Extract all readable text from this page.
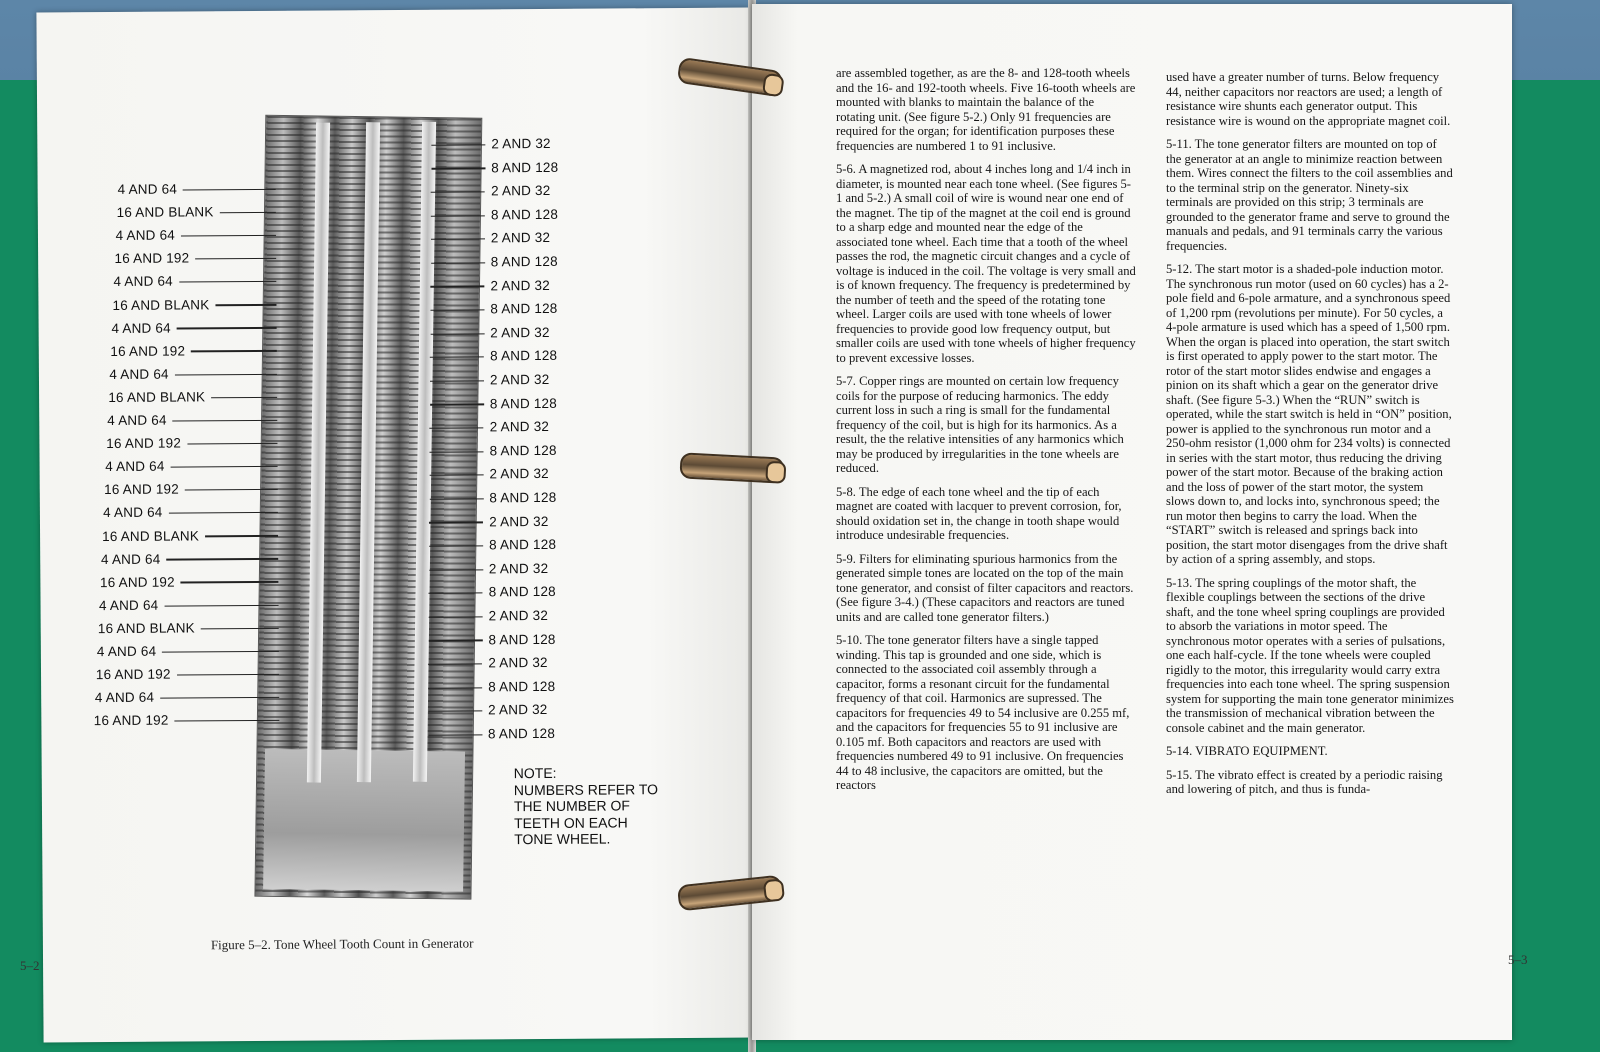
4 AND 64
16 AND BLANK
4 AND 64
16 AND 192
4 AND 64
16 AND BLANK
4 AND 64
16 AND 192
4 AND 64
16 AND BLANK
4 AND 64
16 AND 192
4 AND 64
16 AND 192
4 AND 64
16 AND BLANK
4 AND 64
16 AND 192
4 AND 64
16 AND BLANK
4 AND 64
16 AND 192
4 AND 64
16 AND 192
2 AND 32
8 AND 128
2 AND 32
8 AND 128
2 AND 32
8 AND 128
2 AND 32
8 AND 128
2 AND 32
8 AND 128
2 AND 32
8 AND 128
2 AND 32
8 AND 128
2 AND 32
8 AND 128
2 AND 32
8 AND 128
2 AND 32
8 AND 128
2 AND 32
8 AND 128
2 AND 32
8 AND 128
2 AND 32
8 AND 128
NOTE:
NUMBERS REFER TO
THE NUMBER OF
TEETH ON EACH
TONE WHEEL.
Figure 5–2. Tone Wheel Tooth Count in Generator
5–2

are assembled together, as are the 8- and 128-tooth wheels and the 16- and 192-tooth wheels. Five 16-tooth wheels are mounted with blanks to maintain the balance of the rotating unit. (See figure 5-2.) Only 91 frequencies are required for the organ; for identification purposes these frequencies are numbered 1 to 91 inclusive.

5-6. A magnetized rod, about 4 inches long and 1/4 inch in diameter, is mounted near each tone wheel. (See figures 5-1 and 5-2.) A small coil of wire is wound near one end of the magnet. The tip of the magnet at the coil end is ground to a sharp edge and mounted near the edge of the associated tone wheel. Each time that a tooth of the wheel passes the rod, the magnetic circuit changes and a cycle of voltage is induced in the coil. The voltage is very small and is of known frequency. The frequency is predetermined by the number of teeth and the speed of the rotating tone wheel. Larger coils are used with tone wheels of lower frequencies to provide good low frequency output, but smaller coils are used with tone wheels of higher frequency to prevent excessive losses.

5-7. Copper rings are mounted on certain low frequency coils for the purpose of reducing harmonics. The eddy current loss in such a ring is small for the fundamental frequency of the coil, but is high for its harmonics. As a result, the the relative intensities of any harmonics which may be produced by irregularities in the tone wheels are reduced.

5-8. The edge of each tone wheel and the tip of each magnet are coated with lacquer to prevent corrosion, for, should oxidation set in, the change in tooth shape would introduce undesirable frequencies.

5-9. Filters for eliminating spurious harmonics from the generated simple tones are located on the top of the main tone generator, and consist of filter capacitors and reactors. (See figure 3-4.) (These capacitors and reactors are tuned units and are called tone generator filters.)

5-10. The tone generator filters have a single tapped winding. This tap is grounded and one side, which is connected to the associated coil assembly through a capacitor, forms a resonant circuit for the fundamental frequency of that coil. Harmonics are supressed. The capacitors for frequencies 49 to 54 inclusive are 0.255 mf, and the capacitors for frequencies 55 to 91 inclusive are 0.105 mf. Both capacitors and reactors are used with frequencies numbered 49 to 91 inclusive. On frequencies 44 to 48 inclusive, the capacitors are omitted, but the reactors

used have a greater number of turns. Below frequency 44, neither capacitors nor reactors are used; a length of resistance wire shunts each generator output. This resistance wire is wound on the appropriate magnet coil.

5-11. The tone generator filters are mounted on top of the generator at an angle to minimize reaction between them. Wires connect the filters to the coil assemblies and to the terminal strip on the generator. Ninety-six terminals are provided on this strip; 3 terminals are grounded to the generator frame and serve to ground the manuals and pedals, and 91 terminals carry the various frequencies.

5-12. The start motor is a shaded-pole induction motor. The synchronous run motor (used on 60 cycles) has a 2-pole field and 6-pole armature, and a synchronous speed of 1,200 rpm (revolutions per minute). For 50 cycles, a 4-pole armature is used which has a speed of 1,500 rpm. When the organ is placed into operation, the start switch is first operated to apply power to the start motor. The rotor of the start motor slides endwise and engages a pinion on its shaft which a gear on the generator drive shaft. (See figure 5-3.) When the “RUN” switch is operated, while the start switch is held in “ON” position, power is applied to the synchronous run motor and a 250-ohm resistor (1,000 ohm for 234 volts) is connected in series with the start motor, thus reducing the driving power of the start motor. Because of the braking action and the loss of power of the start motor, the system slows down to, and locks into, synchronous speed; the run motor then begins to carry the load. When the “START” switch is released and springs back into position, the start motor disengages from the drive shaft by action of a spring assembly, and stops.

5-13. The spring couplings of the motor shaft, the flexible couplings between the sections of the drive shaft, and the tone wheel spring couplings are provided to absorb the variations in motor speed. The synchronous motor operates with a series of pulsations, one each half-cycle. If the tone wheels were coupled rigidly to the motor, this irregularity would carry extra frequencies into each tone wheel. The spring suspension system for supporting the main tone generator minimizes the transmission of mechanical vibration between the console cabinet and the main generator.

5-14. VIBRATO EQUIPMENT.

5-15. The vibrato effect is created by a periodic raising and lowering of pitch, and thus is funda-

5–3
